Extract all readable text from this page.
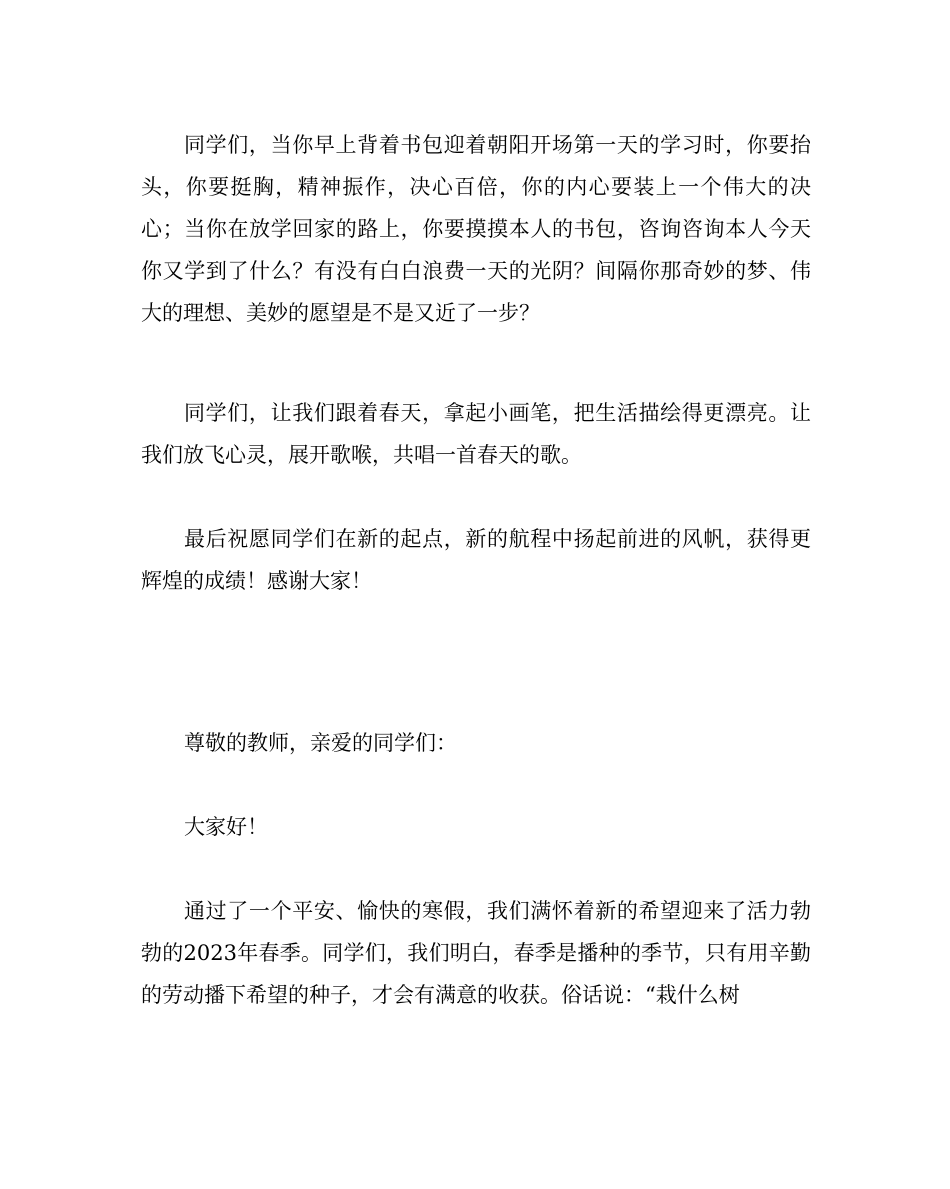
同学们，当你早上背着书包迎着朝阳开场第一天的学习时，你要抬头，你要挺胸，精神振作，决心百倍，你的内心要装上一个伟大的决心；当你在放学回家的路上，你要摸摸本人的书包，咨询咨询本人今天你又学到了什么？有没有白白浪费一天的光阴？间隔你那奇妙的梦、伟大的理想、美妙的愿望是不是又近了一步？

同学们，让我们跟着春天，拿起小画笔，把生活描绘得更漂亮。让我们放飞心灵，展开歌喉，共唱一首春天的歌。

最后祝愿同学们在新的起点，新的航程中扬起前进的风帆，获得更辉煌的成绩！感谢大家！

尊敬的教师，亲爱的同学们：

大家好！

通过了一个平安、愉快的寒假，我们满怀着新的希望迎来了活力勃勃的2023年春季。同学们，我们明白，春季是播种的季节，只有用辛勤的劳动播下希望的种子，才会有满意的收获。俗话说：“栽什么树
